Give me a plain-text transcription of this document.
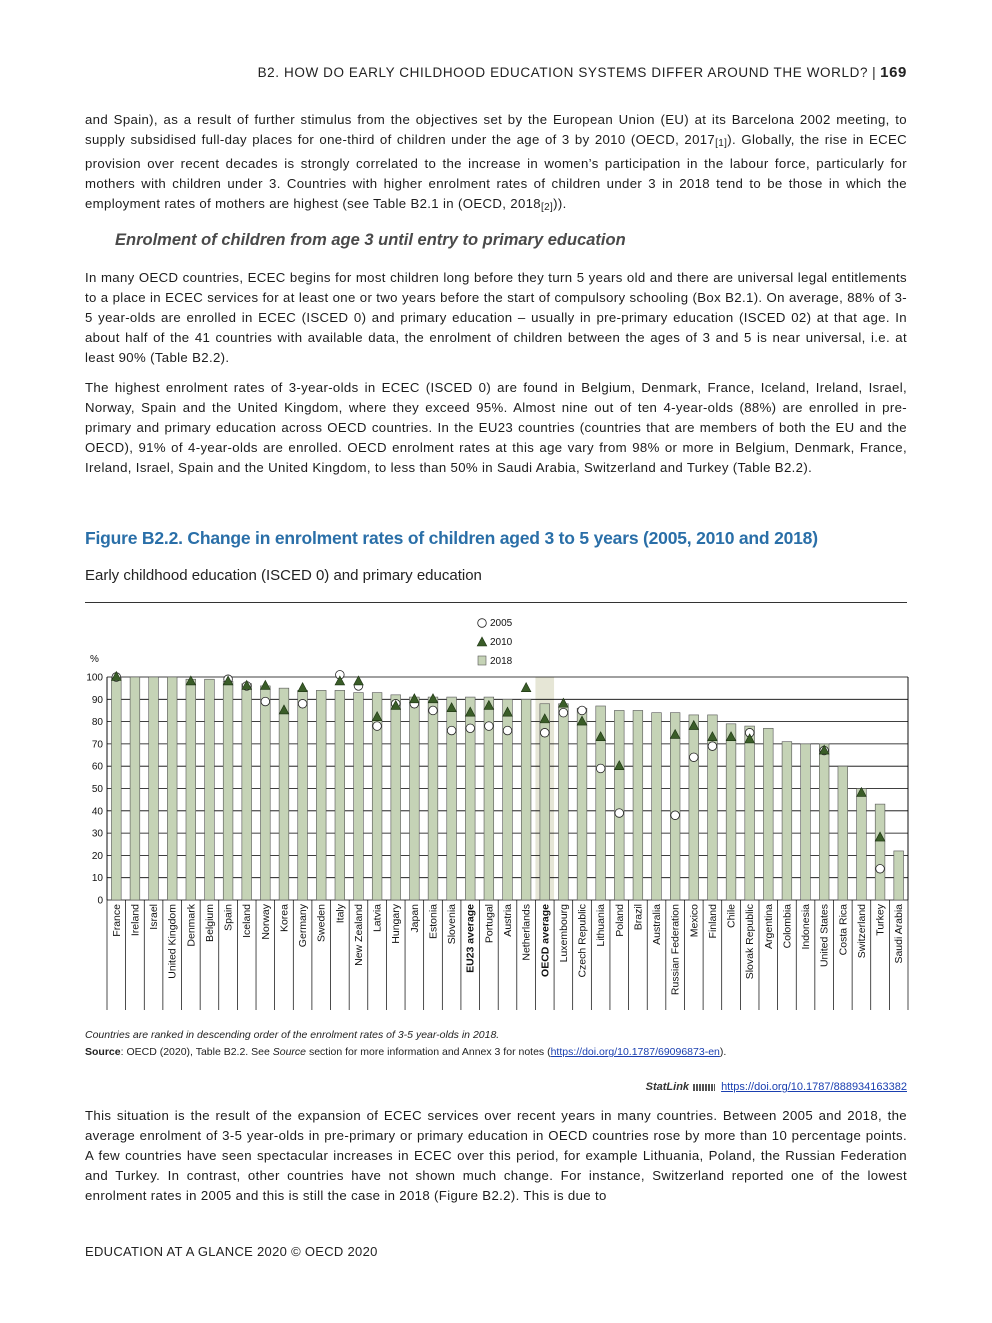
B2. HOW DO EARLY CHILDHOOD EDUCATION SYSTEMS DIFFER AROUND THE WORLD? | 169

and Spain), as a result of further stimulus from the objectives set by the European Union (EU) at its Barcelona 2002 meeting, to supply subsidised full-day places for one-third of children under the age of 3 by 2010 (OECD, 2017[1]). Globally, the rise in ECEC provision over recent decades is strongly correlated to the increase in women’s participation in the labour force, particularly for mothers with children under 3. Countries with higher enrolment rates of children under 3 in 2018 tend to be those in which the employment rates of mothers are highest (see Table B2.1 in (OECD, 2018[2])).

Enrolment of children from age 3 until entry to primary education

In many OECD countries, ECEC begins for most children long before they turn 5 years old and there are universal legal entitlements to a place in ECEC services for at least one or two years before the start of compulsory schooling (Box B2.1). On average, 88% of 3-5 year-olds are enrolled in ECEC (ISCED 0) and primary education – usually in pre-primary education (ISCED 02) at that age. In about half of the 41 countries with available data, the enrolment of children between the ages of 3 and 5 is near universal, i.e. at least 90% (Table B2.2).

The highest enrolment rates of 3-year-olds in ECEC (ISCED 0) are found in Belgium, Denmark, France, Iceland, Ireland, Israel, Norway, Spain and the United Kingdom, where they exceed 95%. Almost nine out of ten 4-year-olds (88%) are enrolled in pre-primary and primary education across OECD countries. In the EU23 countries (countries that are members of both the EU and the OECD), 91% of 4-year-olds are enrolled. OECD enrolment rates at this age vary from 98% or more in Belgium, Denmark, France, Ireland, Israel, Spain and the United Kingdom, to less than 50% in Saudi Arabia, Switzerland and Turkey (Table B2.2).

Figure B2.2. Change in enrolment rates of children aged 3 to 5 years (2005, 2010 and 2018)
Early childhood education (ISCED 0) and primary education
0
10
20
30
40
50
60
70
80
90
100
%
France Ireland Israel United Kingdom Denmark Belgium Spain Iceland Norway Korea Germany Sweden Italy New Zealand Latvia Hungary Japan Estonia Slovenia EU23 average Portugal Austria Netherlands OECD average Luxembourg Czech Republic Lithuania Poland Brazil Australia Russian Federation Mexico Finland Chile Slovak Republic Argentina Colombia Indonesia United States Costa Rica Switzerland Turkey Saudi Arabia
2005
2010
2018
Countries are ranked in descending order of the enrolment rates of 3-5 year-olds in 2018.
Source: OECD (2020), Table B2.2. See Source section for more information and Annex 3 for notes (https://doi.org/10.1787/69096873-en).
StatLink	https://doi.org/10.1787/888934163382

This situation is the result of the expansion of ECEC services over recent years in many countries. Between 2005 and 2018, the average enrolment of 3-5 year-olds in pre-primary or primary education in OECD countries rose by more than 10 percentage points. A few countries have seen spectacular increases in ECEC over this period, for example Lithuania, Poland, the Russian Federation and Turkey. In contrast, other countries have not shown much change. For instance, Switzerland reported one of the lowest enrolment rates in 2005 and this is still the case in 2018 (Figure B2.2). This is due to

EDUCATION AT A GLANCE 2020 © OECD 2020
